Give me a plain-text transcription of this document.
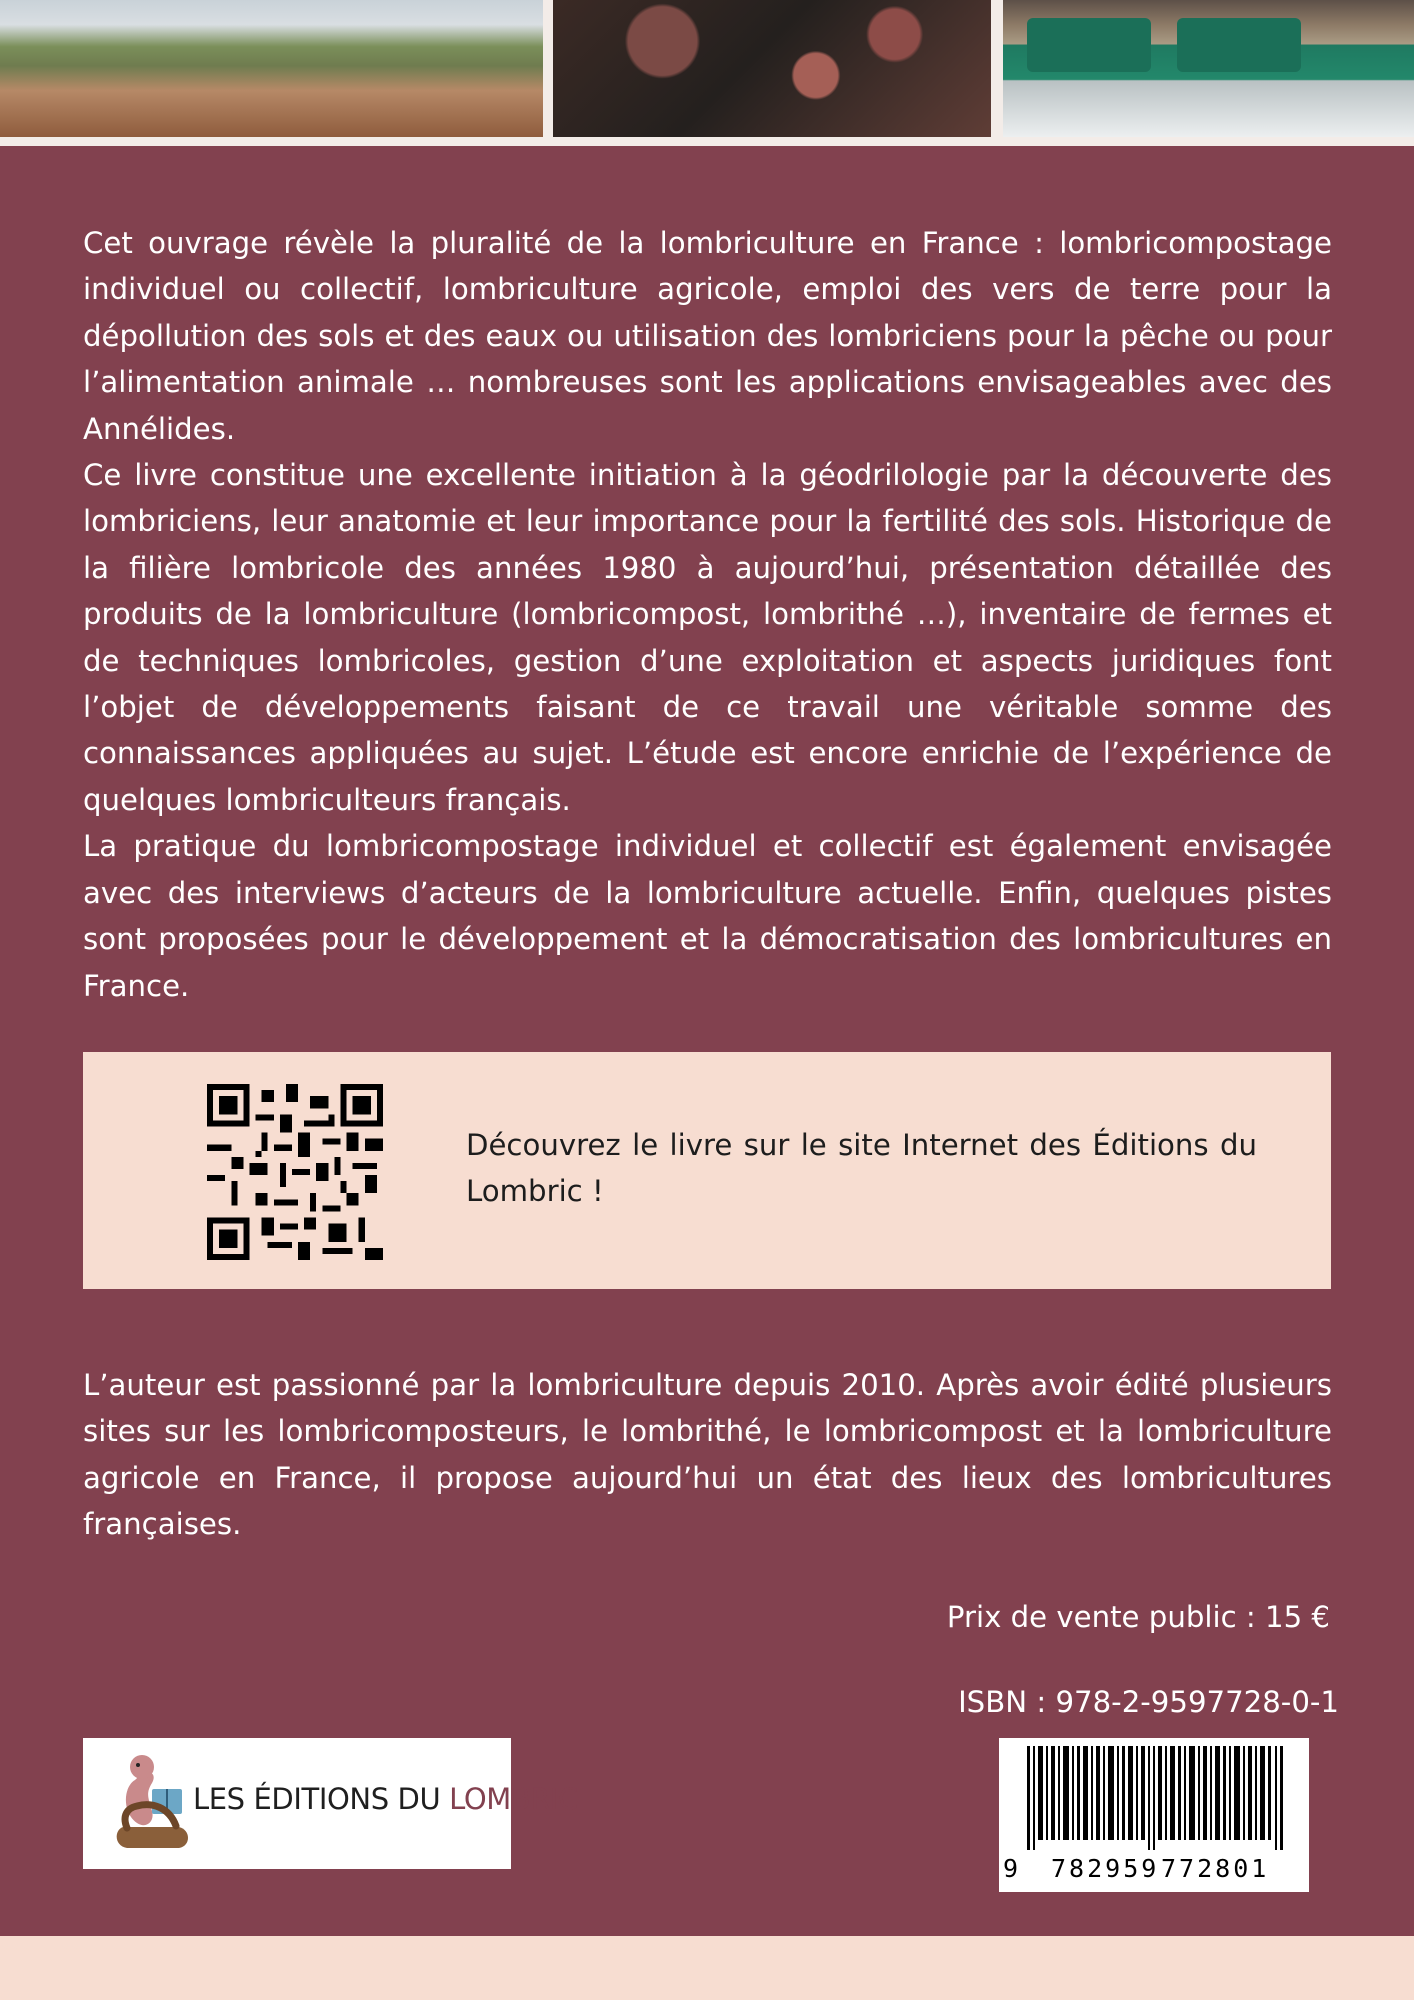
Cet ouvrage révèle la pluralité de la lombriculture en France : lombricompostage individuel ou collectif, lombriculture agricole, emploi des vers de terre pour la dépollution des sols et des eaux ou utilisation des lombriciens pour la pêche ou pour l’alimentation animale … nombreuses sont les applications envisageables avec des Annélides.

Ce livre constitue une excellente initiation à la géodrilologie par la découverte des lombriciens, leur anatomie et leur importance pour la fertilité des sols. Historique de la filière lombricole des années 1980 à aujourd’hui, présentation détaillée des produits de la lombriculture (lombricompost, lombrithé …), inventaire de fermes et de techniques lombricoles, gestion d’une exploitation et aspects juridiques font l’objet de développements faisant de ce travail une véritable somme des connaissances appliquées au sujet. L’étude est encore enrichie de l’expérience de quelques lombriculteurs français.

La pratique du lombricompostage individuel et collectif est également envisagée avec des interviews d’acteurs de la lombriculture actuelle. Enfin, quelques pistes sont proposées pour le développement et la démocratisation des lombricultures en France.

Découvrez le livre sur le site Internet des Éditions du Lombric !

L’auteur est passionné par la lombriculture depuis 2010. Après avoir édité plusieurs sites sur les lombricomposteurs, le lombrithé, le lombricompost et la lombriculture agricole en France, il propose aujourd’hui un état des lieux des lombricultures françaises.

Prix de vente public : 15 €
ISBN : 978-2-9597728-0-1
LES ÉDITIONS DU LOMBRIC
9 782959 772801
